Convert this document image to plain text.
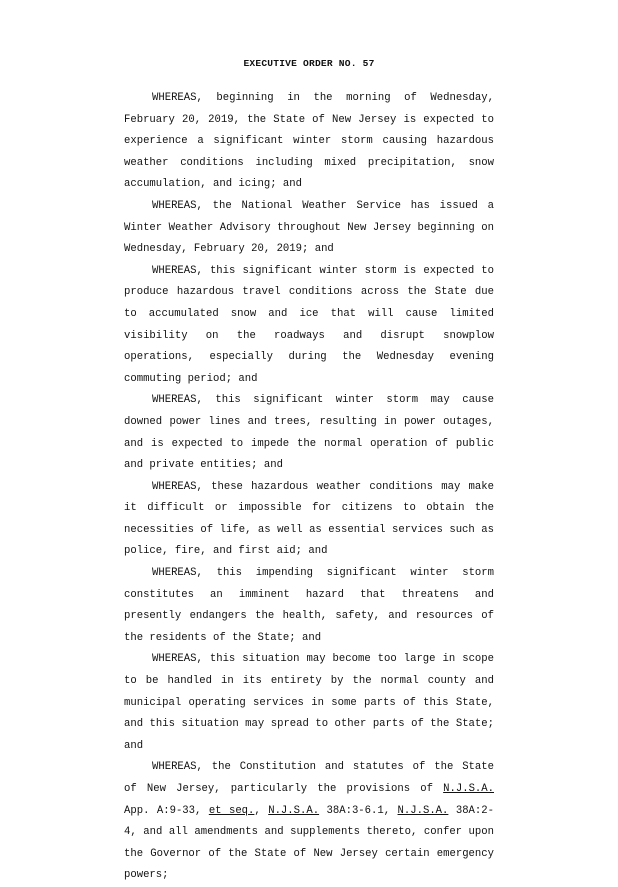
EXECUTIVE ORDER NO. 57

WHEREAS, beginning in the morning of Wednesday, February 20, 2019, the State of New Jersey is expected to experience a significant winter storm causing hazardous weather conditions including mixed precipitation, snow accumulation, and icing; and

WHEREAS, the National Weather Service has issued a Winter Weather Advisory throughout New Jersey beginning on Wednesday, February 20, 2019; and

WHEREAS, this significant winter storm is expected to produce hazardous travel conditions across the State due to accumulated snow and ice that will cause limited visibility on the roadways and disrupt snowplow operations, especially during the Wednesday evening commuting period; and

WHEREAS, this significant winter storm may cause downed power lines and trees, resulting in power outages, and is expected to impede the normal operation of public and private entities; and

WHEREAS, these hazardous weather conditions may make it difficult or impossible for citizens to obtain the necessities of life, as well as essential services such as police, fire, and first aid; and

WHEREAS, this impending significant winter storm constitutes an imminent hazard that threatens and presently endangers the health, safety, and resources of the residents of the State; and

WHEREAS, this situation may become too large in scope to be handled in its entirety by the normal county and municipal operating services in some parts of this State, and this situation may spread to other parts of the State; and

WHEREAS, the Constitution and statutes of the State of New Jersey, particularly the provisions of N.J.S.A. App. A:9-33, et seq., N.J.S.A. 38A:3-6.1, N.J.S.A. 38A:2-4, and all amendments and supplements thereto, confer upon the Governor of the State of New Jersey certain emergency powers;
